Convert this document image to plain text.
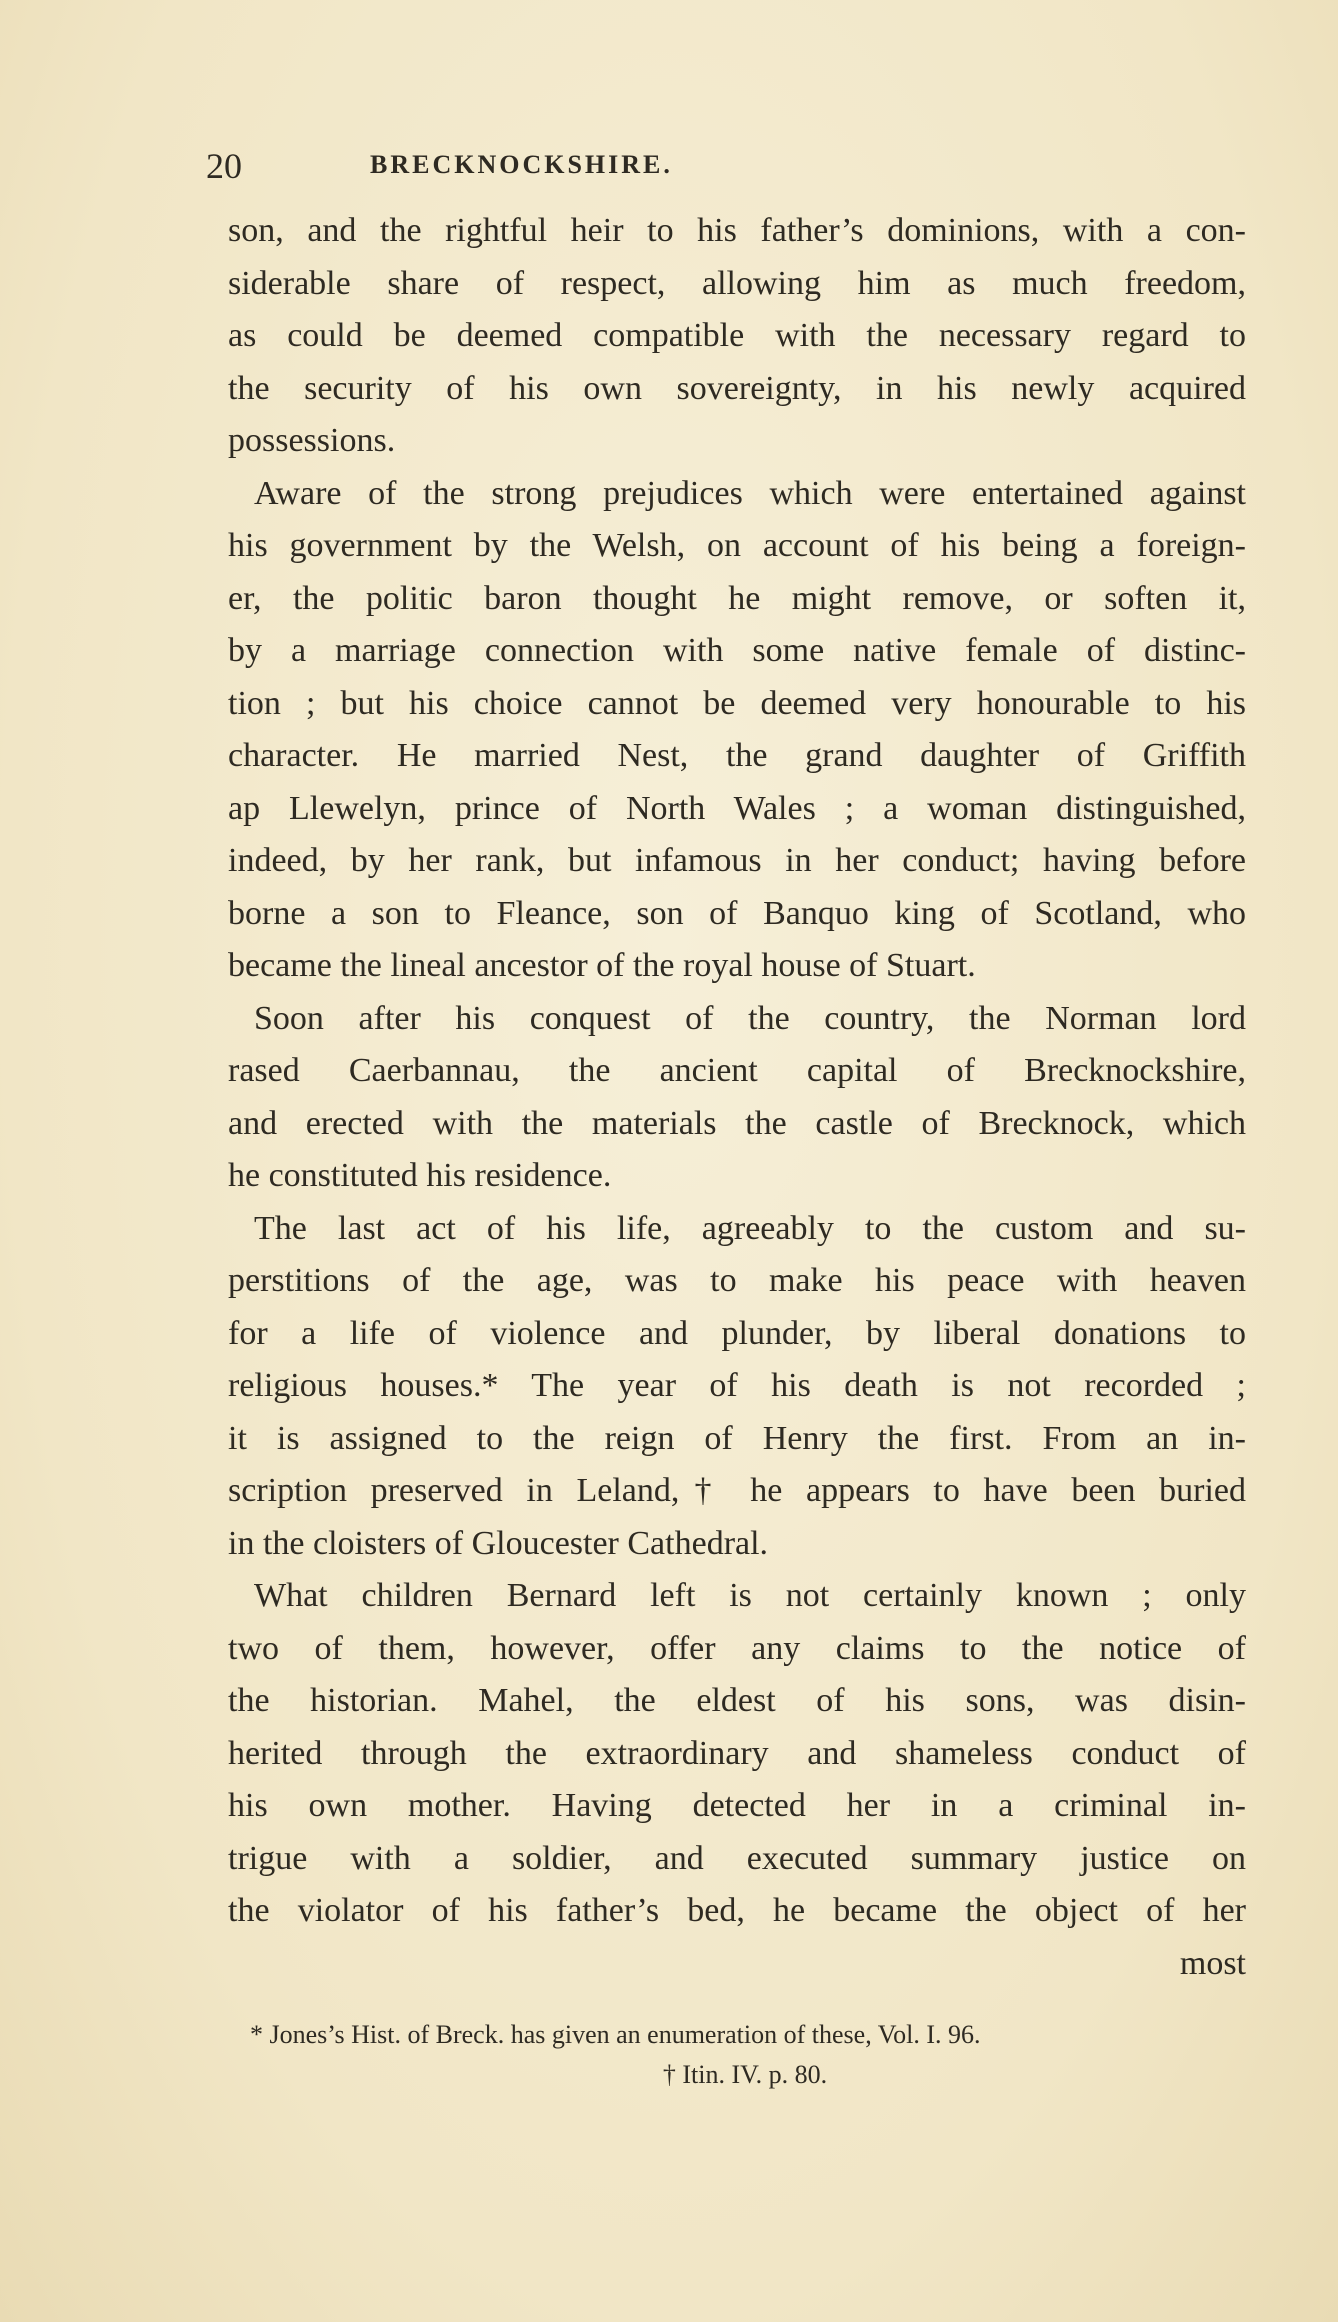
20	BRECKNOCKSHIRE.
son, and the rightful heir to his father’s dominions, with a con-
siderable share of respect, allowing him as much freedom,
as could be deemed compatible with the necessary regard to
the security of his own sovereignty, in his newly acquired
possessions.
Aware of the strong prejudices which were entertained against
his government by the Welsh, on account of his being a foreign-
er, the politic baron thought he might remove, or soften it,
by a marriage connection with some native female of distinc-
tion ; but his choice cannot be deemed very honourable to his
character. He married Nest, the grand daughter of Griffith
ap Llewelyn, prince of North Wales ; a woman distinguished,
indeed, by her rank, but infamous in her conduct; having before
borne a son to Fleance, son of Banquo king of Scotland, who
became the lineal ancestor of the royal house of Stuart.
Soon after his conquest of the country, the Norman lord
rased Caerbannau, the ancient capital of Brecknockshire,
and erected with the materials the castle of Brecknock, which
he constituted his residence.
The last act of his life, agreeably to the custom and su-
perstitions of the age, was to make his peace with heaven
for a life of violence and plunder, by liberal donations to
religious houses.* The year of his death is not recorded ;
it is assigned to the reign of Henry the first. From an in-
scription preserved in Leland,† he appears to have been buried
in the cloisters of Gloucester Cathedral.
What children Bernard left is not certainly known ; only
two of them, however, offer any claims to the notice of
the historian. Mahel, the eldest of his sons, was disin-
herited through the extraordinary and shameless conduct of
his own mother. Having detected her in a criminal in-
trigue with a soldier, and executed summary justice on
the violator of his father’s bed, he became the object of her
most
* Jones’s Hist. of Breck. has given an enumeration of these, Vol. I. 96.
† Itin. IV. p. 80.
